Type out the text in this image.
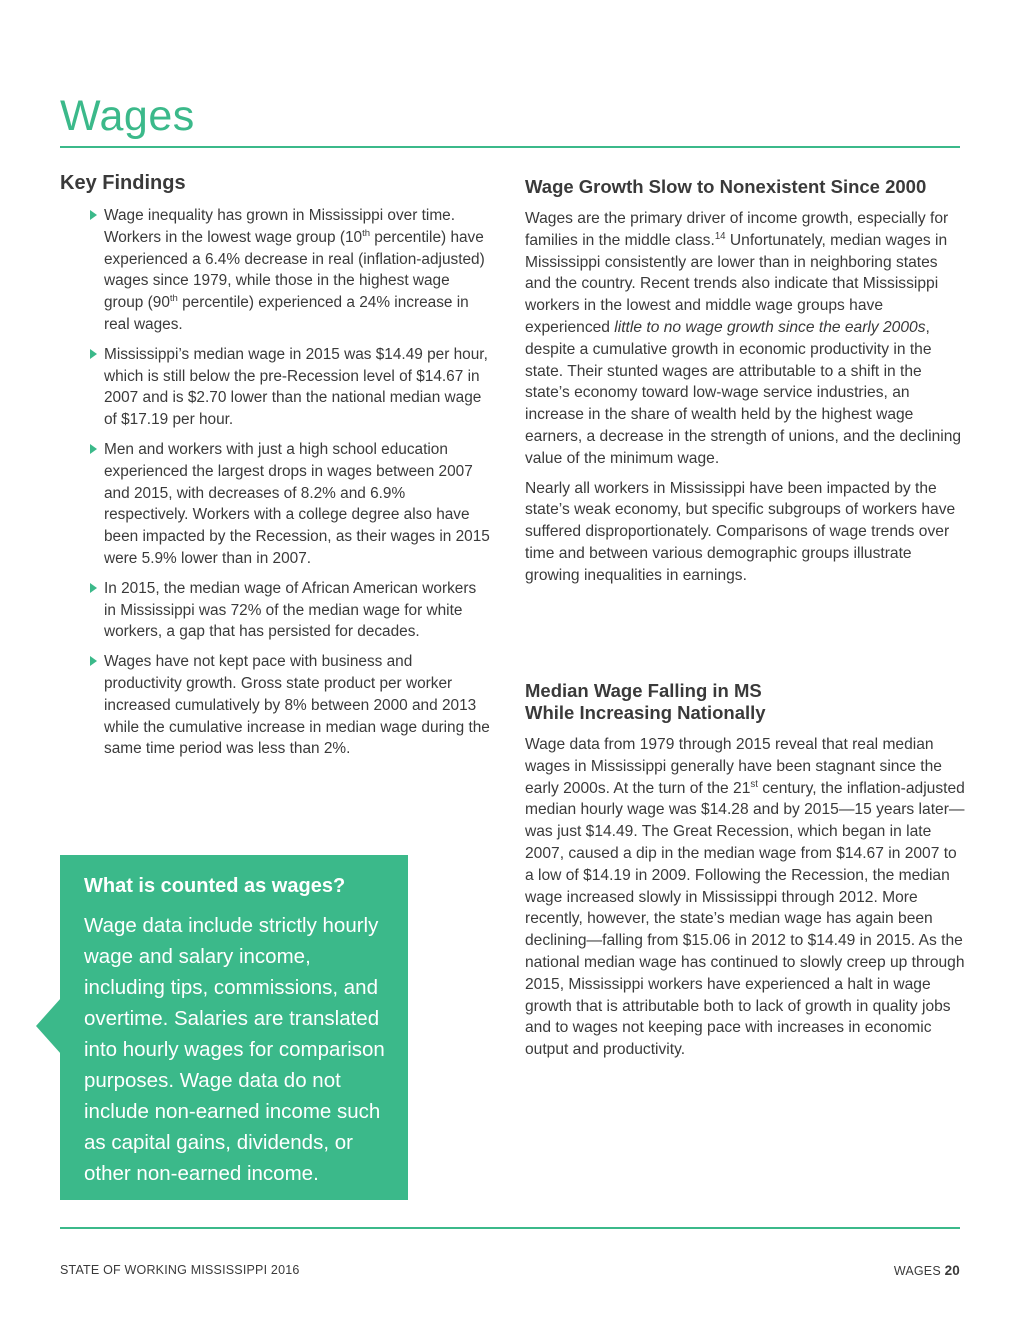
Wages
Key Findings
Wage inequality has grown in Mississippi over time. Workers in the lowest wage group (10th percentile) have experienced a 6.4% decrease in real (inflation-adjusted) wages since 1979, while those in the highest wage group (90th percentile) experienced a 24% increase in real wages.
Mississippi’s median wage in 2015 was $14.49 per hour, which is still below the pre-Recession level of $14.67 in 2007 and is $2.70 lower than the national median wage of $17.19 per hour.
Men and workers with just a high school education experienced the largest drops in wages between 2007 and 2015, with decreases of 8.2% and 6.9% respectively. Workers with a college degree also have been impacted by the Recession, as their wages in 2015 were 5.9% lower than in 2007.
In 2015, the median wage of African American workers in Mississippi was 72% of the median wage for white workers, a gap that has persisted for decades.
Wages have not kept pace with business and productivity growth. Gross state product per worker increased cumulatively by 8% between 2000 and 2013 while the cumulative increase in median wage during the same time period was less than 2%.
What is counted as wages?

Wage data include strictly hourly wage and salary income, including tips, commissions, and overtime. Salaries are translated into hourly wages for comparison purposes. Wage data do not include non-earned income such as capital gains, dividends, or other non-earned income.

Wage Growth Slow to Nonexistent Since 2000

Wages are the primary driver of income growth, especially for families in the middle class.$^{14}$ Unfortunately, median wages in Mississippi consistently are lower than in neighboring states and the country. Recent trends also indicate that Mississippi workers in the lowest and middle wage groups have experienced little to no wage growth since the early 2000s, despite a cumulative growth in economic productivity in the state. Their stunted wages are attributable to a shift in the state’s economy toward low-wage service industries, an increase in the share of wealth held by the highest wage earners, a decrease in the strength of unions, and the declining value of the minimum wage.

Nearly all workers in Mississippi have been impacted by the state’s weak economy, but specific subgroups of workers have suffered disproportionately. Comparisons of wage trends over time and between various demographic groups illustrate growing inequalities in earnings.

Median Wage Falling in MS
While Increasing Nationally

Wage data from 1979 through 2015 reveal that real median wages in Mississippi generally have been stagnant since the early 2000s. At the turn of the 21st century, the inflation-adjusted median hourly wage was $14.28 and by 2015—15 years later—was just $14.49. The Great Recession, which began in late 2007, caused a dip in the median wage from $14.67 in 2007 to a low of $14.19 in 2009. Following the Recession, the median wage increased slowly in Mississippi through 2012. More recently, however, the state’s median wage has again been declining—falling from $15.06 in 2012 to $14.49 in 2015. As the national median wage has continued to slowly creep up through 2015, Mississippi workers have experienced a halt in wage growth that is attributable both to lack of growth in quality jobs and to wages not keeping pace with increases in economic output and productivity.

STATE OF WORKING MISSISSIPPI 2016	WAGES 20
